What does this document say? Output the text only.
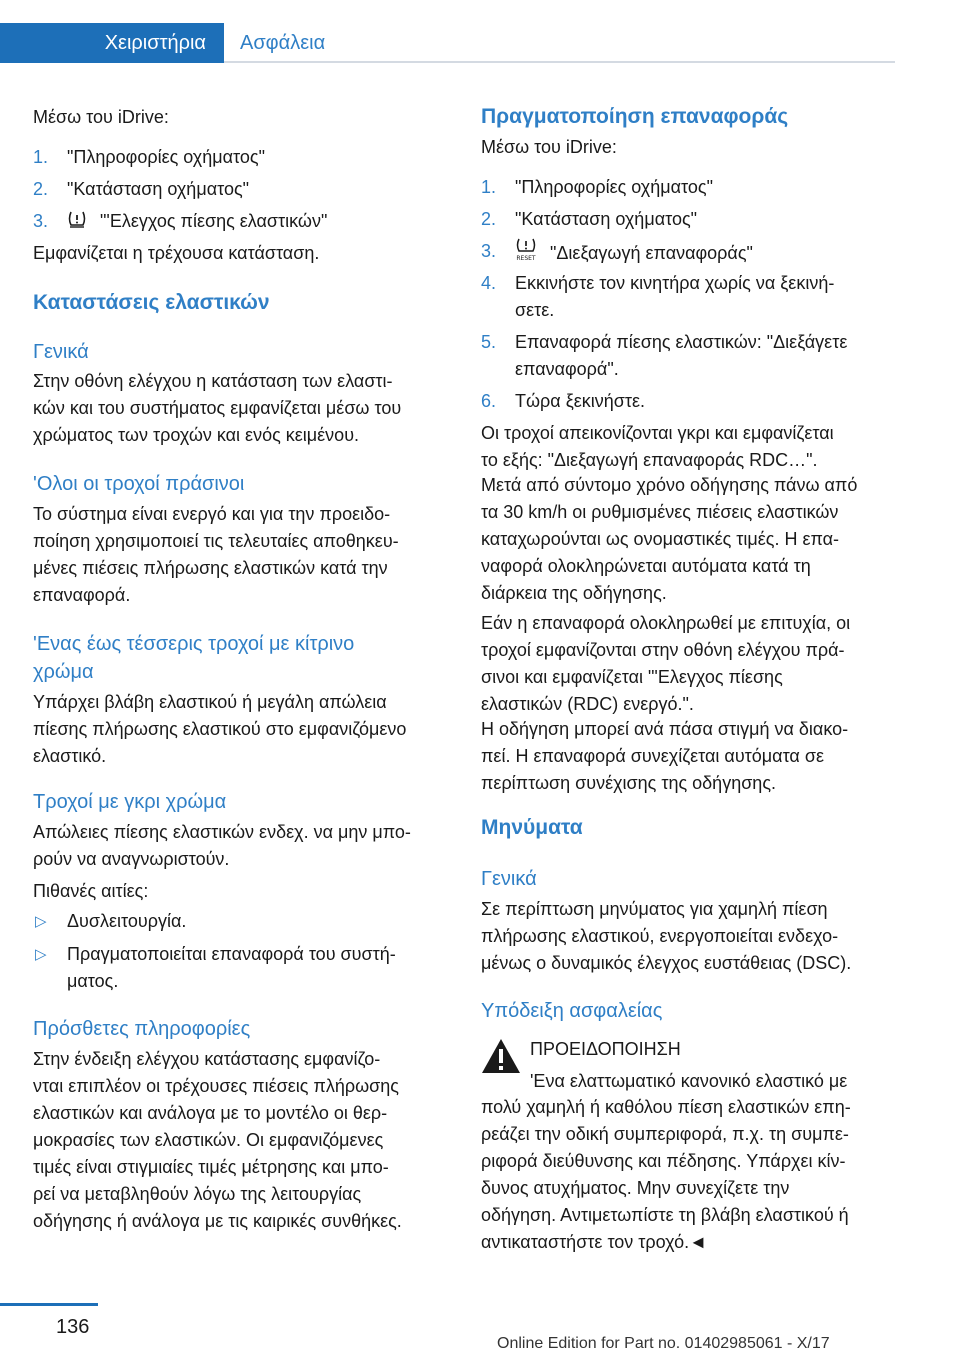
Χειριστήρια	Ασφάλεια
Μέσω του iDrive:
1. "Πληροφορίες οχήματος"
2. "Κατάσταση οχήματος"
3.	"'Ελεγχος πίεσης ελαστικών"
Εμφανίζεται η τρέχουσα κατάσταση.
Καταστάσεις ελαστικών
Γενικά
Στην οθόνη ελέγχου η κατάσταση των ελαστι-
κών και του συστήματος εμφανίζεται μέσω του
χρώματος των τροχών και ενός κειμένου.
'Ολοι οι τροχοί πράσινοι
Το σύστημα είναι ενεργό και για την προειδο-
ποίηση χρησιμοποιεί τις τελευταίες αποθηκευ-
μένες πιέσεις πλήρωσης ελαστικών κατά την
επαναφορά.
'Ενας έως τέσσερις τροχοί με κίτρινο
χρώμα
Υπάρχει βλάβη ελαστικού ή μεγάλη απώλεια
πίεσης πλήρωσης ελαστικού στο εμφανιζόμενο
ελαστικό.
Τροχοί με γκρι χρώμα
Απώλειες πίεσης ελαστικών ενδεχ. να μην μπο-
ρούν να αναγνωριστούν.
Πιθανές αιτίες:
▷ Δυσλειτουργία.
▷ Πραγματοποιείται επαναφορά του συστή-
ματος.
Πρόσθετες πληροφορίες
Στην ένδειξη ελέγχου κατάστασης εμφανίζο-
νται επιπλέον οι τρέχουσες πιέσεις πλήρωσης
ελαστικών και ανάλογα με το μοντέλο οι θερ-
μοκρασίες των ελαστικών. Οι εμφανιζόμενες
τιμές είναι στιγμιαίες τιμές μέτρησης και μπο-
ρεί να μεταβληθούν λόγω της λειτουργίας
οδήγησης ή ανάλογα με τις καιρικές συνθήκες.
Πραγματοποίηση επαναφοράς
Μέσω του iDrive:
1. "Πληροφορίες οχήματος"
2. "Κατάσταση οχήματος"
3.	RESET "Διεξαγωγή επαναφοράς"
4. Εκκινήστε τον κινητήρα χωρίς να ξεκινή-
σετε.
5. Επαναφορά πίεσης ελαστικών: "Διεξάγετε
επαναφορά".
6. Τώρα ξεκινήστε.
Οι τροχοί απεικονίζονται γκρι και εμφανίζεται
το εξής: "Διεξαγωγή επαναφοράς RDC…".
Μετά από σύντομο χρόνο οδήγησης πάνω από
τα 30 km/h οι ρυθμισμένες πιέσεις ελαστικών
καταχωρούνται ως ονομαστικές τιμές. Η επα-
ναφορά ολοκληρώνεται αυτόματα κατά τη
διάρκεια της οδήγησης.
Εάν η επαναφορά ολοκληρωθεί με επιτυχία, οι
τροχοί εμφανίζονται στην οθόνη ελέγχου πρά-
σινοι και εμφανίζεται "'Ελεγχος πίεσης
ελαστικών (RDC) ενεργό.".
Η οδήγηση μπορεί ανά πάσα στιγμή να διακο-
πεί. Η επαναφορά συνεχίζεται αυτόματα σε
περίπτωση συνέχισης της οδήγησης.
Μηνύματα
Γενικά
Σε περίπτωση μηνύματος για χαμηλή πίεση
πλήρωσης ελαστικού, ενεργοποιείται ενδεχο-
μένως ο δυναμικός έλεγχος ευστάθειας (DSC).
Υπόδειξη ασφαλείας
ΠΡΟΕΙΔΟΠΟΙΗΣΗ
'Ενα ελαττωματικό κανονικό ελαστικό με
πολύ χαμηλή ή καθόλου πίεση ελαστικών επη-
ρεάζει την οδική συμπεριφορά, π.χ. τη συμπε-
ριφορά διεύθυνσης και πέδησης. Υπάρχει κίν-
δυνος ατυχήματος. Μην συνεχίζετε την
οδήγηση. Αντιμετωπίστε τη βλάβη ελαστικού ή
αντικαταστήστε τον τροχό.◄
136
Online Edition for Part no. 01402985061 - X/17
